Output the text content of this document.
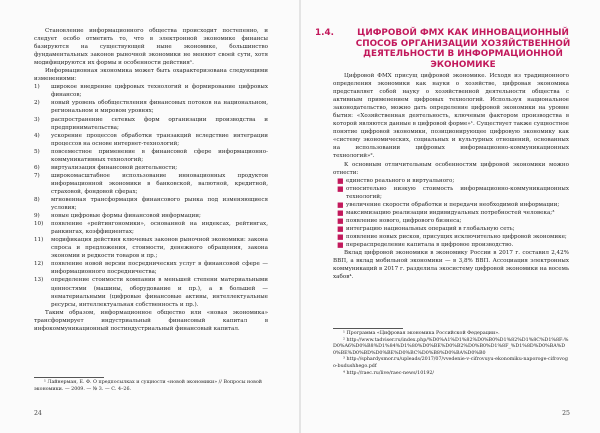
Становление информационного общества происходит постепенно, и следует особо отметить то, что в электронной экономике финансы базируются на существующей ныне экономике, большинство фундаментальных законов рыночной экономики не меняют своей сути, хотя модифицируются их формы и особенности действия¹.

Информационная экономика может быть охарактеризована следующими изменениями:

1)	широкое внедрение цифровых технологий и формирование цифровых финансов;
2)	новый уровень обобществления финансовых потоков на национальном, региональном и мировом уровнях;
3)	распространение сетевых форм организации производства и предпринимательства;
4)	ускорение процессов обработки транзакций вследствие интеграции процессов на основе интернет-технологий;
5)	повсеместное применение в финансовой сфере информационно-коммуникативных технологий;
6)	виртуализация финансовой деятельности;
7)	широкомасштабное использование инновационных продуктов информационной экономики в банковской, валютной, кредитной, страховой, фондовой сферах;
8)	мгновенная трансформация финансового рынка под изменяющиеся условия;
9)	новые цифровые формы финансовой информации;
10)	появление «рейтингономики», основанной на индексах, рейтингах, ранкингах, коэффициентах;
11)	модификация действия ключевых законов рыночной экономики: закона спроса и предложения, стоимости, денежного обращения, закона экономии и редкости товаров и пр.;
12)	появление новой версии посреднических услуг в финансовой сфере — информационного посредничества;
13)	определение стоимости компании в меньшей степени материальными ценностями (машины, оборудование и пр.), а в большей — нематериальными (цифровые финансовые активы, интеллектуальные ресурсы, интеллектуальная собственность и пр.).

Таким образом, информационное общество или «новая экономика» трансформирует индустриальный финансовый капитал в инфокоммуникационный постиндустриальный финансовый капитал.

¹ Лайнерман, Е. Ф. О предпосылках и сущности «новой экономики» // Вопросы новой экономики. — 2009. — № 3. — С. 4–26.

24
1.4.	ЦИФРОВОЙ ФМХ КАК ИННОВАЦИОННЫЙ СПОСОБ ОРГАНИЗАЦИИ ХОЗЯЙСТВЕННОЙ ДЕЯТЕЛЬНОСТИ В ИНФОРМАЦИОННОЙ ЭКОНОМИКЕ

Цифровой ФМХ присущ цифровой экономике. Исходя из традиционного определения экономики как науки о хозяйстве, цифровая экономика представляет собой науку о хозяйственной деятельности общества с активным применением цифровых технологий. Используя национальное законодательство, можно дать определение цифровой экономики на уровне бытия: «Хозяйственная деятельность, ключевым фактором производства в которой являются данные в цифровой форме»¹. Существует также сущностное понятие цифровой экономики, позиционирующее цифровую экономику как «систему экономических, социальных и культурных отношений, основанных на использовании цифровых информационно-коммуникационных технологий»².

К основным отличительным особенностям цифровой экономики можно отнести:

■ единство реального и виртуального;
■ относительно низкую стоимость информационно-коммуникационных технологий;
■ увеличение скорости обработки и передачи необходимой информации;
■ максимизацию реализации индивидуальных потребностей человека;³
■ появление нового, цифрового бизнеса;
■ интеграцию национальных операций в глобальную сеть;
■ появление новых рисков, присущих исключительно цифровой экономике;
■ перераспределение капитала в цифровое производство.

Вклад цифровой экономики в экономику России в 2017 г. составил 2,42% ВВП, а вклад мобильной экономики — в 3,8% ВВП. Ассоциация электронных коммуникаций в 2017 г. разделила экосистему цифровой экономики на восемь хабов⁴.

¹ Программа «Цифровая экономика Российской Федерации».

² http://www.tadviser.ru/index.php/%D0%A1%D1%82%D0%B0%D1%82%D1%8C%D1%8F:%D0%A6%D0%B8%D1%84%D1%80%D0%BE%D0%B2%D0%B0%D1%8F_%D1%8D%D0%BA%D0%BE%D0%BD%D0%BE%D0%BC%D0%B8%D0%BA%D0%B0

³ http://sphardysmor.ru/upleads/2017/07/vvedenie-v-cifrovuyu-ekonomiku-naporoge-cifrovogo-budushhego.pdf

⁴ http://raec.ru/live/raec-news/10192/

25
